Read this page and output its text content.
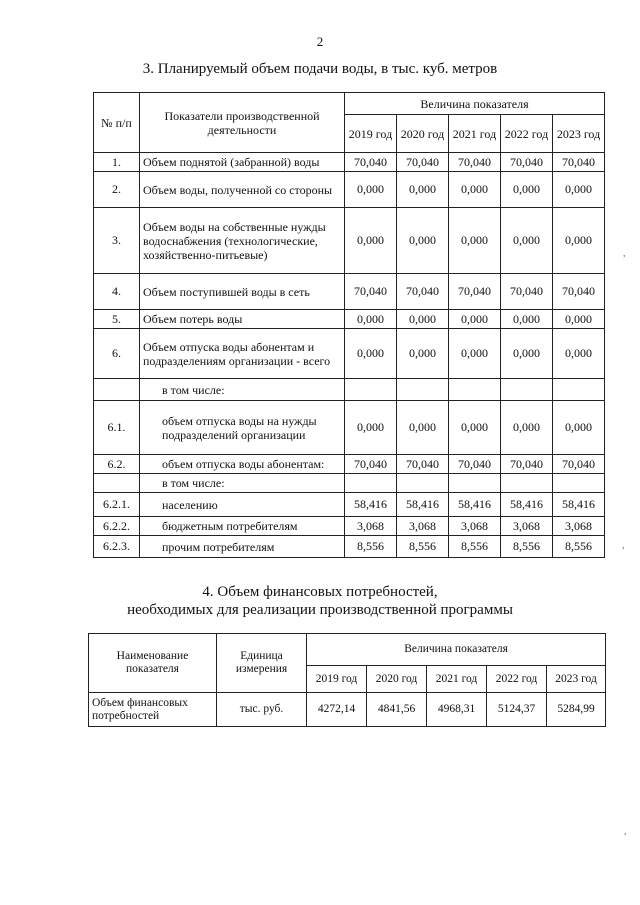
2
3. Планируемый объем подачи воды, в тыс. куб. метров
№ п/п	Показатели производственной деятельности	Величина показателя				
		2019 год	2020 год	2021 год	2022 год	2023 год
1.	Объем поднятой (забранной) воды	70,040	70,040	70,040	70,040	70,040
2.	Объем воды, полученной со стороны	0,000	0,000	0,000	0,000	0,000
3.	Объем воды на собственные нужды водоснабжения (технологические, хозяйственно-питьевые)	0,000	0,000	0,000	0,000	0,000
4.	Объем поступившей воды в сеть	70,040	70,040	70,040	70,040	70,040
5.	Объем потерь воды	0,000	0,000	0,000	0,000	0,000
6.	Объем отпуска воды абонентам и подразделениям организации - всего	0,000	0,000	0,000	0,000	0,000
	в том числе:					
6.1.	объем отпуска воды на нужды подразделений организации	0,000	0,000	0,000	0,000	0,000
6.2.	объем отпуска воды абонентам:	70,040	70,040	70,040	70,040	70,040
	в том числе:					
6.2.1.	населению	58,416	58,416	58,416	58,416	58,416
6.2.2.	бюджетным потребителям	3,068	3,068	3,068	3,068	3,068
6.2.3.	прочим потребителям	8,556	8,556	8,556	8,556	8,556
4. Объем финансовых потребностей,
необходимых для реализации производственной программы
Наименование показателя	Единица измерения	Величина показателя				
		2019 год	2020 год	2021 год	2022 год	2023 год
Объем финансовых потребностей	тыс. руб.	4272,14	4841,56	4968,31	5124,37	5284,99
,
,
,
